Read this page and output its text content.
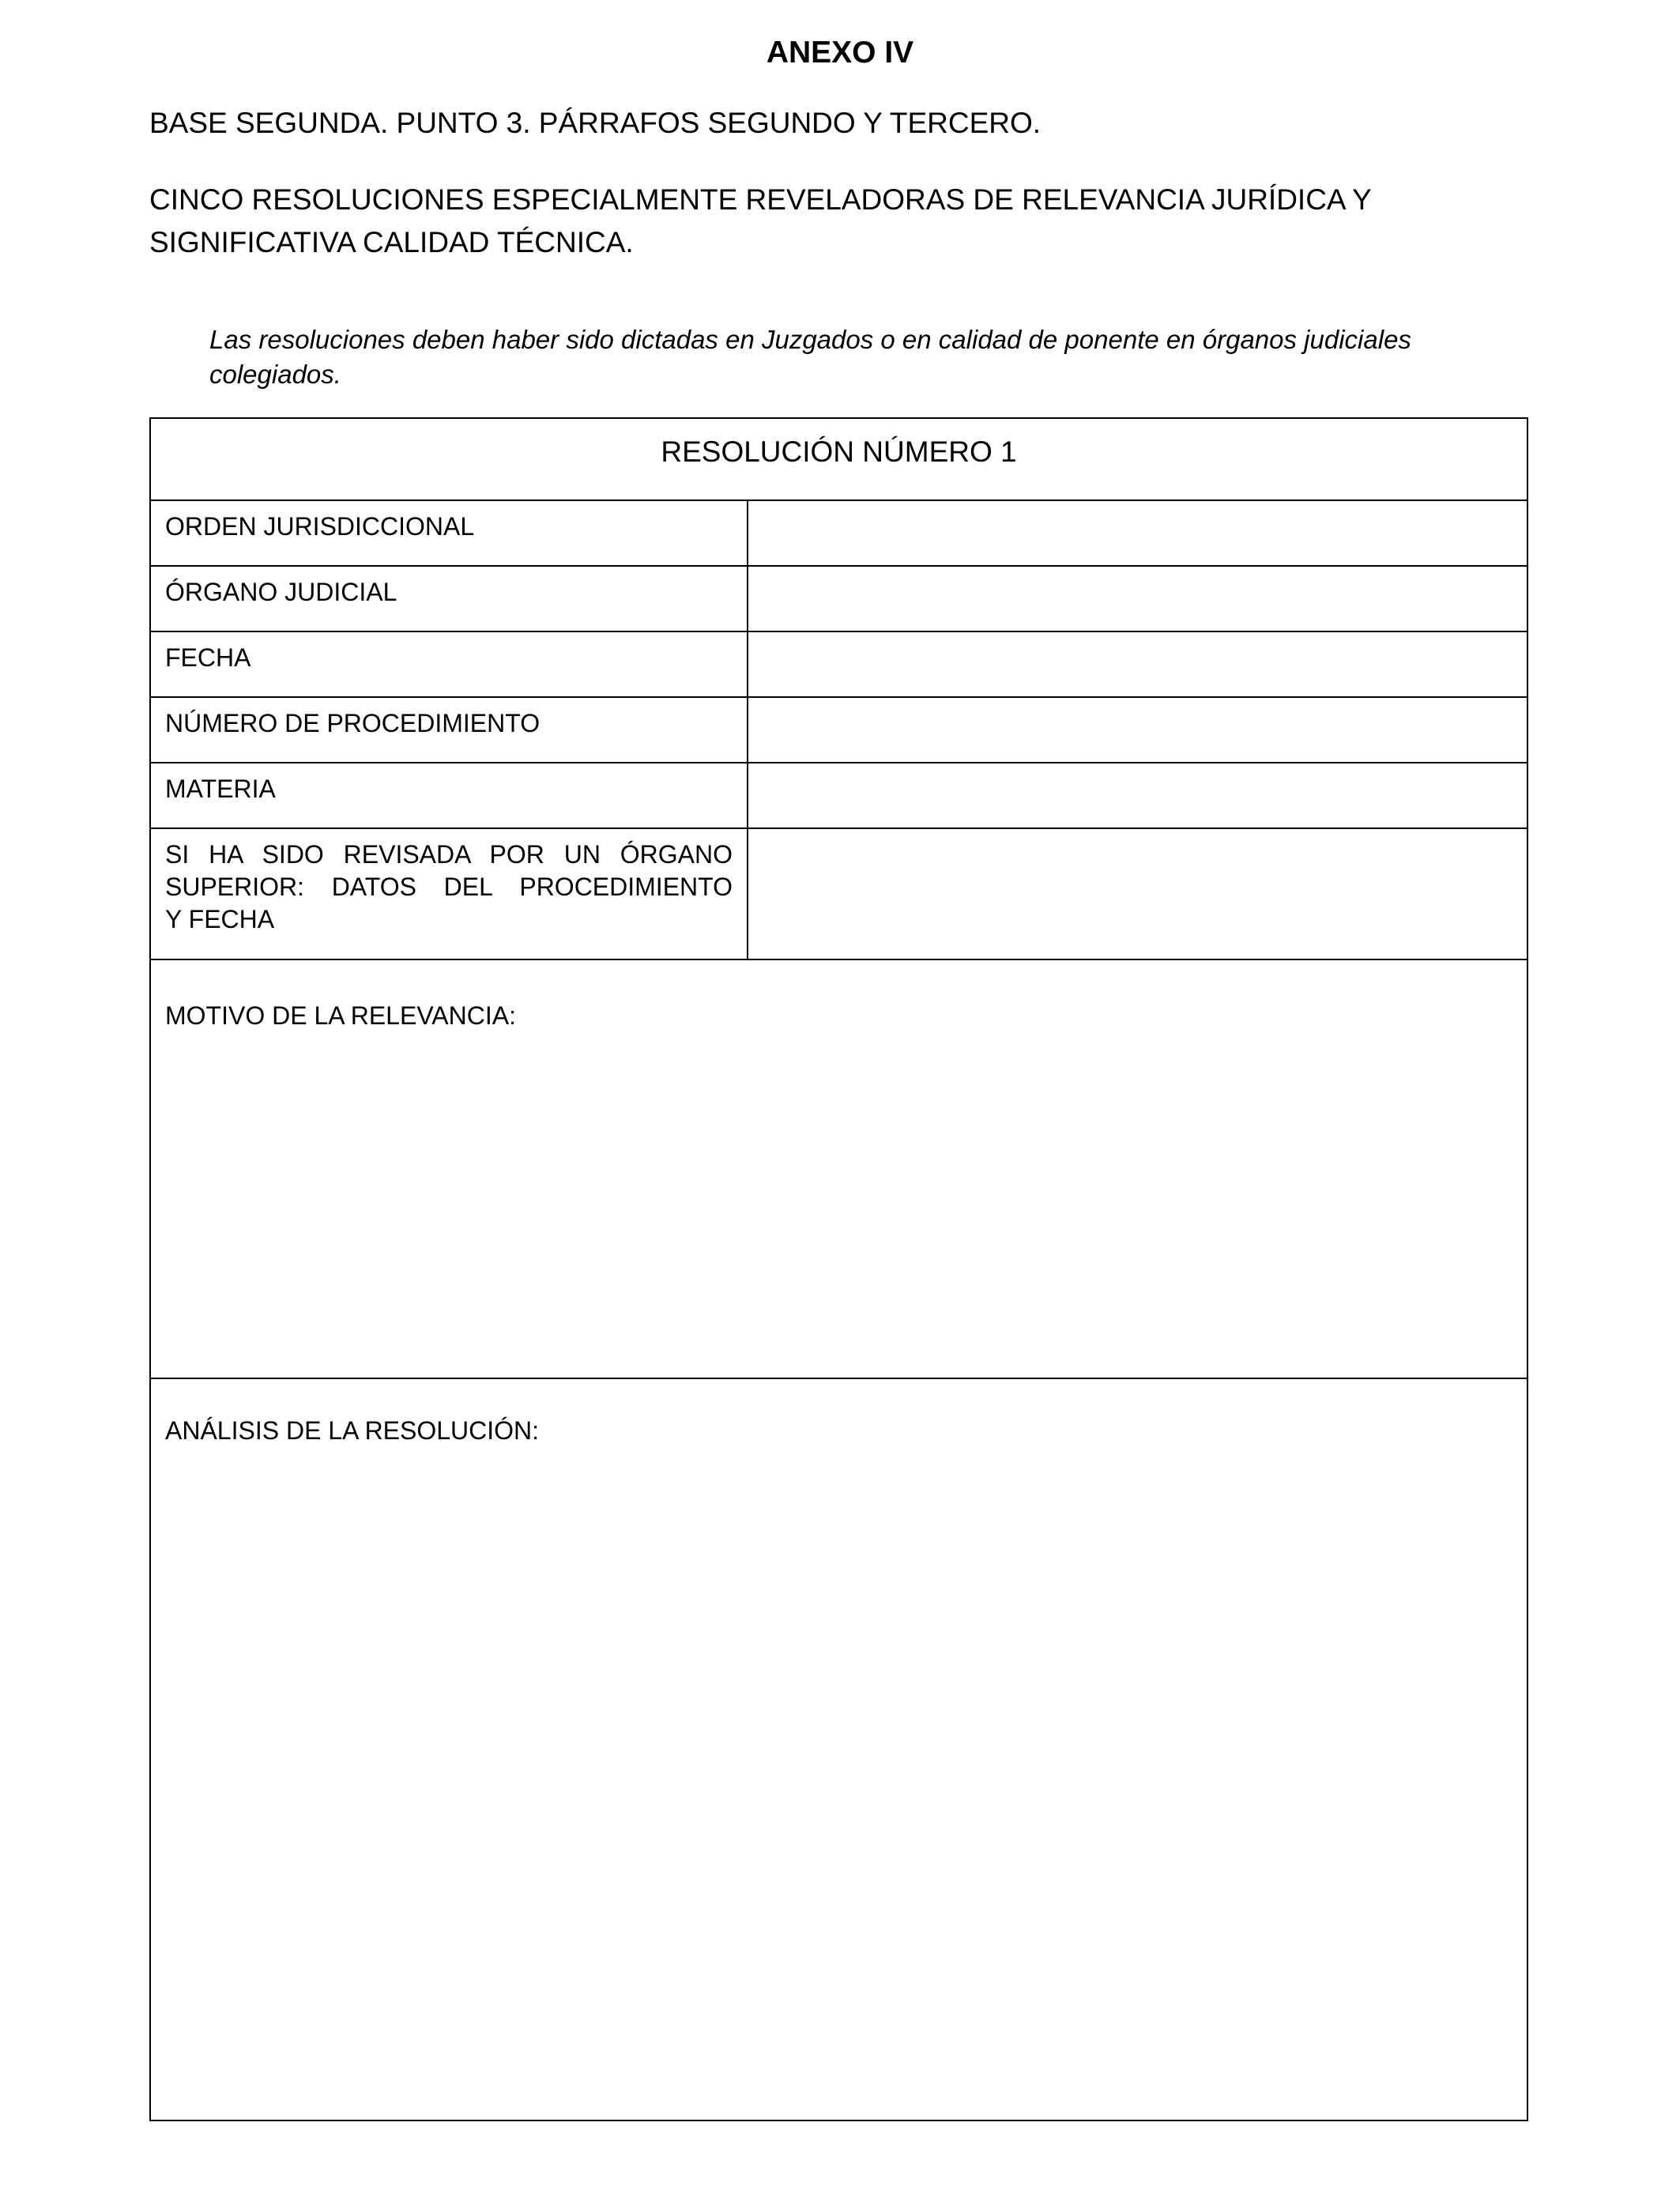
ANEXO IV
BASE SEGUNDA. PUNTO 3. PÁRRAFOS SEGUNDO Y TERCERO.
CINCO RESOLUCIONES ESPECIALMENTE REVELADORAS DE RELEVANCIA JURÍDICA Y SIGNIFICATIVA CALIDAD TÉCNICA.
Las resoluciones deben haber sido dictadas en Juzgados o en calidad de ponente en órganos judiciales colegiados.
RESOLUCIÓN NÚMERO 1
ORDEN JURISDICCIONAL
ÓRGANO JUDICIAL
FECHA
NÚMERO DE PROCEDIMIENTO
MATERIA
SI HA SIDO REVISADA POR UN ÓRGANO
SUPERIOR: DATOS DEL PROCEDIMIENTO
Y FECHA
MOTIVO DE LA RELEVANCIA:
ANÁLISIS DE LA RESOLUCIÓN:
